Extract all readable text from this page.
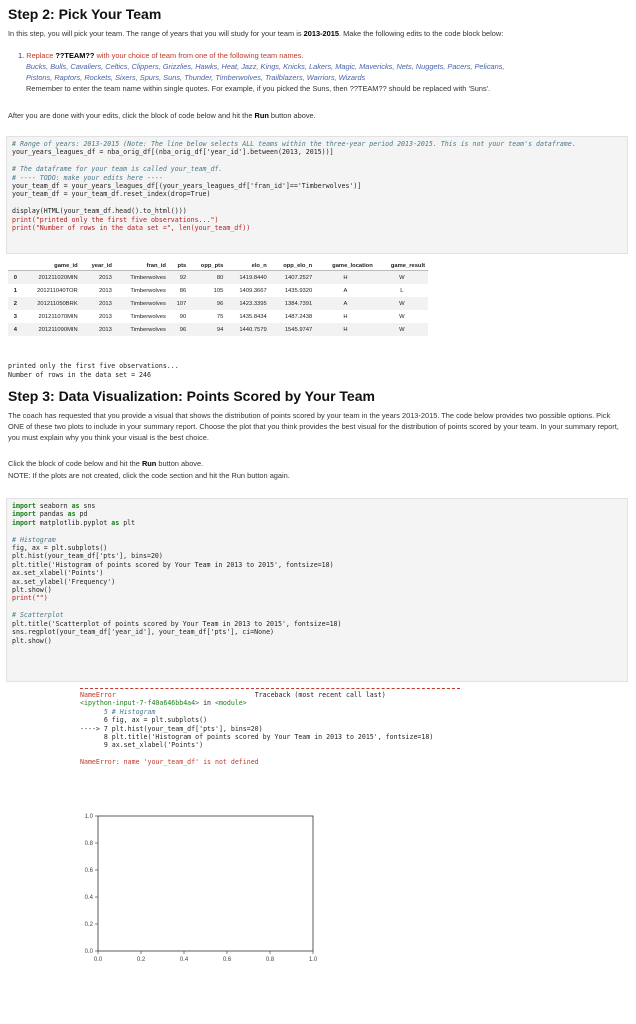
Step 2: Pick Your Team
In this step, you will pick your team. The range of years that you will study for your team is 2013-2015. Make the following edits to the code block below:
1. Replace ??TEAM?? with your choice of team from one of the following team names.
Bucks, Bulls, Cavaliers, Celtics, Clippers, Grizzlies, Hawks, Heat, Jazz, Kings, Knicks, Lakers, Magic, Mavericks, Nets, Nuggets, Pacers, Pelicans,
Pistons, Raptors, Rockets, Sixers, Spurs, Suns, Thunder, Timberwolves, Trailblazers, Warriors, Wizards
Remember to enter the team name within single quotes. For example, if you picked the Suns, then ??TEAM?? should be replaced with 'Suns'.
After you are done with your edits, click the block of code below and hit the Run button above.
# Range of years: 2013-2015 (Note: The line below selects ALL teams within the three-year period 2013-2015. This is not your team's dataframe.
your_years_leagues_df = nba_orig_df[(nba_orig_df['year_id'].between(2013, 2015))]

# The dataframe for your team is called your_team_df.
# ---- TODO: make your edits here ----
your_team_df = your_years_leagues_df[(your_years_leagues_df['fran_id']=='Timberwolves')]
your_team_df = your_team_df.reset_index(drop=True)

display(HTML(your_team_df.head().to_html()))
print("printed only the first five observations...")
print("Number of rows in the data set =", len(your_team_df))
	game_id	year_id	fran_id	pts	opp_pts	elo_n	opp_elo_n	game_location	game_result
0	201211020MIN	2013	Timberwolves	92	80	1419.8440	1407.2527	H	W
1	201211040TOR	2013	Timberwolves	86	105	1409.3667	1435.9320	A	L
2	201211050BRK	2013	Timberwolves	107	96	1423.3395	1384.7391	A	W
3	201211070MIN	2013	Timberwolves	90	75	1435.8434	1487.2438	H	W
4	201211090MIN	2013	Timberwolves	96	94	1440.7579	1545.9747	H	W
printed only the first five observations...
Number of rows in the data set = 246
Step 3: Data Visualization: Points Scored by Your Team
The coach has requested that you provide a visual that shows the distribution of points scored by your team in the years 2013-2015. The code below provides two possible options. Pick ONE of these two plots to include in your summary report. Choose the plot that you think provides the best visual for the distribution of points scored by your team. In your summary report, you must explain why you think your visual is the best choice.
Click the block of code below and hit the Run button above.
NOTE: If the plots are not created, click the code section and hit the Run button again.
import seaborn as sns
import pandas as pd
import matplotlib.pyplot as plt

# Histogram
fig, ax = plt.subplots()
plt.hist(your_team_df['pts'], bins=20)
plt.title('Histogram of points scored by Your Team in 2013 to 2015', fontsize=18)
ax.set_xlabel('Points')
ax.set_ylabel('Frequency')
plt.show()
print("")

# Scatterplot
plt.title('Scatterplot of points scored by Your Team in 2013 to 2015', fontsize=18)
sns.regplot(your_team_df['year_id'], your_team_df['pts'], ci=None)
plt.show()
NameError	Traceback (most recent call last)
<ipython-input-7-f40a646bb4a4> in <module>
5 # Histogram
6 fig, ax = plt.subplots()
----> 7 plt.hist(your_team_df['pts'], bins=20)
8 plt.title('Histogram of points scored by Your Team in 2013 to 2015', fontsize=18)
9 ax.set_xlabel('Points')

NameError: name 'your_team_df' is not defined
0.0
0.2
0.4
0.6
0.8
1.0
0.0	0.2	0.4	0.6	0.8	1.0
